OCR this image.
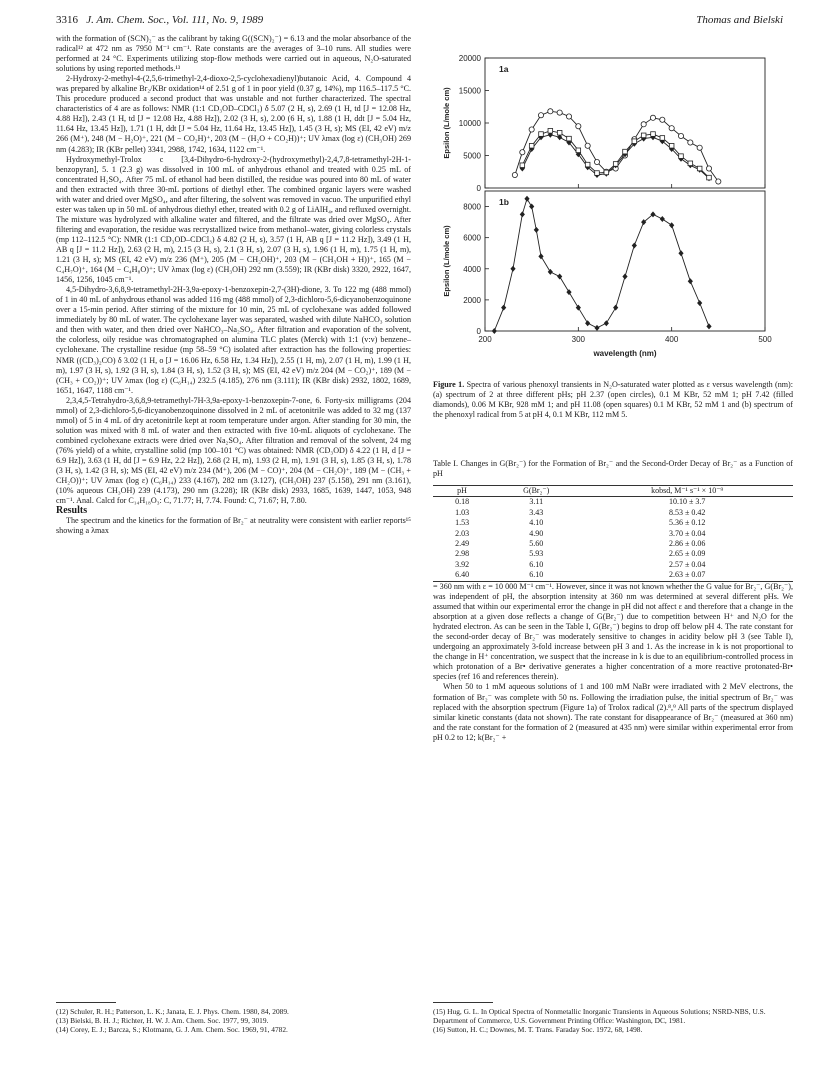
3316 J. Am. Chem. Soc., Vol. 111, No. 9, 1989	Thomas and Bielski

with the formation of (SCN)₂⁻ as the calibrant by taking G((SCN)₂⁻) = 6.13 and the molar absorbance of the radical¹² at 472 nm as 7950 M⁻¹ cm⁻¹. Rate constants are the averages of 3–10 runs. All studies were performed at 24 °C. Experiments utilizing stop-flow methods were carried out in aqueous, N₂O-saturated solutions by using reported methods.¹³

2-Hydroxy-2-methyl-4-(2,5,6-trimethyl-2,4-dioxo-2,5-cyclohexadienyl)butanoic Acid, 4. Compound 4 was prepared by alkaline Br₂/KBr oxidation¹⁴ of 2.51 g of 1 in poor yield (0.37 g, 14%), mp 116.5–117.5 °C. This procedure produced a second product that was unstable and not further characterized. The spectral characteristics of 4 are as follows: NMR (1:1 CD₃OD–CDCl₃) δ 5.07 (2 H, s), 2.69 (1 H, td [J = 12.08 Hz, 4.88 Hz]), 2.43 (1 H, td [J = 12.08 Hz, 4.88 Hz]), 2.02 (3 H, s), 2.00 (6 H, s), 1.88 (1 H, ddt [J = 5.04 Hz, 11.64 Hz, 13.45 Hz]), 1.71 (1 H, ddt [J = 5.04 Hz, 11.64 Hz, 13.45 Hz]), 1.45 (3 H, s); MS (EI, 42 eV) m/z 266 (M⁺), 248 (M − H₂O)⁺, 221 (M − CO₂H)⁺, 203 (M − (H₂O + CO₂H))⁺; UV λmax (log ε) (CH₃OH) 269 nm (4.283); IR (KBr pellet) 3341, 2988, 1742, 1634, 1122 cm⁻¹.

Hydroxymethyl-Trolox c [3,4-Dihydro-6-hydroxy-2-(hydroxymethyl)-2,4,7,8-tetramethyl-2H-1-benzopyran], 5. 1 (2.3 g) was dissolved in 100 mL of anhydrous ethanol and treated with 0.25 mL of concentrated H₂SO₄. After 75 mL of ethanol had been distilled, the residue was poured into 80 mL of water and then extracted with three 30-mL portions of diethyl ether. The combined organic layers were washed with water and dried over MgSO₄, and after filtering, the solvent was removed in vacuo. The unpurified ethyl ester was taken up in 50 mL of anhydrous diethyl ether, treated with 0.2 g of LiAlH₄, and refluxed overnight. The mixture was hydrolyzed with alkaline water and filtered, and the filtrate was dried over MgSO₄. After filtering and evaporation, the residue was recrystallized twice from methanol–water, giving colorless crystals (mp 112–112.5 °C): NMR (1:1 CD₃OD–CDCl₃) δ 4.82 (2 H, s), 3.57 (1 H, AB q [J = 11.2 Hz]), 3.49 (1 H, AB q [J = 11.2 Hz]), 2.63 (2 H, m), 2.15 (3 H, s), 2.1 (3 H, s), 2.07 (3 H, s), 1.96 (1 H, m), 1.75 (1 H, m), 1.21 (3 H, s); MS (EI, 42 eV) m/z 236 (M⁺), 205 (M − CH₂OH)⁺, 203 (M − (CH₃OH + H))⁺, 165 (M − C₄H₇O)⁺, 164 (M − C₄H₈O)⁺; UV λmax (log ε) (CH₃OH) 292 nm (3.559); IR (KBr disk) 3320, 2922, 1647, 1456, 1256, 1045 cm⁻¹.

4,5-Dihydro-3,6,8,9-tetramethyl-2H-3,9a-epoxy-1-benzoxepin-2,7-(3H)-dione, 3. To 122 mg (488 mmol) of 1 in 40 mL of anhydrous ethanol was added 116 mg (488 mmol) of 2,3-dichloro-5,6-dicyanobenzoquinone over a 15-min period. After stirring of the mixture for 10 min, 25 mL of cyclohexane was added followed immediately by 80 mL of water. The cyclohexane layer was separated, washed with dilute NaHCO₃ solution and then with water, and then dried over NaHCO₃–Na₂SO₄. After filtration and evaporation of the solvent, the colorless, oily residue was chromatographed on alumina TLC plates (Merck) with 1:1 (v:v) benzene–cyclohexane. The crystalline residue (mp 58–59 °C) isolated after extraction has the following properties: NMR ((CD₃)₂CO) δ 3.02 (1 H, o [J = 16.06 Hz, 6.58 Hz, 1.34 Hz]), 2.55 (1 H, m), 2.07 (1 H, m), 1.99 (1 H, m), 1.97 (3 H, s), 1.92 (3 H, s), 1.84 (3 H, s), 1.52 (3 H, s); MS (EI, 42 eV) m/z 204 (M − CO₂)⁺, 189 (M − (CH₃ + CO₂))⁺; UV λmax (log ε) (C₆H₁₄) 232.5 (4.185), 276 nm (3.111); IR (KBr disk) 2932, 1802, 1689, 1651, 1647, 1188 cm⁻¹.

2,3,4,5-Tetrahydro-3,6,8,9-tetramethyl-7H-3,9a-epoxy-1-benzoxepin-7-one, 6. Forty-six milligrams (204 mmol) of 2,3-dichloro-5,6-dicyanobenzoquinone dissolved in 2 mL of acetonitrile was added to 32 mg (137 mmol) of 5 in 4 mL of dry acetonitrile kept at room temperature under argon. After standing for 30 min, the solution was mixed with 8 mL of water and then extracted with five 10-mL aliquots of cyclohexane. The combined cyclohexane extracts were dried over Na₂SO₄. After filtration and removal of the solvent, 24 mg (76% yield) of a white, crystalline solid (mp 100–101 °C) was obtained: NMR (CD₃OD) δ 4.22 (1 H, d [J = 6.9 Hz]), 3.63 (1 H, dd [J = 6.9 Hz, 2.2 Hz]), 2.68 (2 H, m), 1.93 (2 H, m), 1.91 (3 H, s), 1.85 (3 H, s), 1.78 (3 H, s), 1.42 (3 H, s); MS (EI, 42 eV) m/z 234 (M⁺), 206 (M − CO)⁺, 204 (M − CH₂O)⁺, 189 (M − (CH₃ + CH₂O))⁺; UV λmax (log ε) (C₆H₁₄) 233 (4.167), 282 nm (3.127), (CH₃OH) 237 (5.158), 291 nm (3.161), (10% aqueous CH₃OH) 239 (4.173), 290 nm (3.228); IR (KBr disk) 2933, 1685, 1639, 1447, 1053, 948 cm⁻¹. Anal. Calcd for C₁₄H₁₈O₃: C, 71.77; H, 7.74. Found: C, 71.67; H, 7.80.

Results

The spectrum and the kinetics for the formation of Br₂⁻ at neutrality were consistent with earlier reports¹⁵ showing a λmax

(12) Schuler, R. H.; Patterson, L. K.; Janata, E. J. Phys. Chem. 1980, 84, 2089.
(13) Bielski, B. H. J.; Richter, H. W. J. Am. Chem. Soc. 1977, 99, 3019.
(14) Corey, E. J.; Barcza, S.; Klotmann, G. J. Am. Chem. Soc. 1969, 91, 4782.
0
5000
10000
15000
20000
1a
Epsilon (L/mole cm)
0
2000
4000
6000
8000
200	300	400	500
1b
Epsilon (L/mole cm)
wavelength (nm)
Figure 1. Spectra of various phenoxyl transients in N₂O-saturated water plotted as ε versus wavelength (nm): (a) spectrum of 2 at three different pHs; pH 2.37 (open circles), 0.1 M KBr, 52 mM 1; pH 7.42 (filled diamonds), 0.06 M KBr, 928 mM 1; and pH 11.08 (open squares) 0.1 M KBr, 52 mM 1 and (b) spectrum of the phenoxyl radical from 5 at pH 4, 0.1 M KBr, 112 mM 5.
Table I. Changes in G(Br₂⁻) for the Formation of Br₂⁻ and the Second-Order Decay of Br₂⁻ as a Function of pH
pH	G(Br₂⁻)	kobsd, M⁻¹ s⁻¹ × 10⁻⁹
0.18	3.11	10.10 ± 3.7
1.03	3.43	8.53 ± 0.42
1.53	4.10	5.36 ± 0.12
2.03	4.90	3.70 ± 0.04
2.49	5.60	2.86 ± 0.06
2.98	5.93	2.65 ± 0.09
3.92	6.10	2.57 ± 0.04
6.40	6.10	2.63 ± 0.07

= 360 nm with ε = 10 000 M⁻¹ cm⁻¹. However, since it was not known whether the G value for Br₂⁻, G(Br₂⁻), was independent of pH, the absorption intensity at 360 nm was determined at several different pHs. We assumed that within our experimental error the change in pH did not affect ε and therefore that a change in the absorption at a given dose reflects a change of G(Br₂⁻) due to competition between H⁺ and N₂O for the hydrated electron. As can be seen in the Table I, G(Br₂⁻) begins to drop off below pH 4. The rate constant for the second-order decay of Br₂⁻ was moderately sensitive to changes in acidity below pH 3 (see Table I), undergoing an approximately 3-fold increase between pH 3 and 1. As the increase in k is not proportional to the change in H⁺ concentration, we suspect that the increase in k is due to an equilibrium-controlled process in which protonation of a Br• derivative generates a higher concentration of a more reactive protonated-Br• species (ref 16 and references therein).

When 50 to 1 mM aqueous solutions of 1 and 100 mM NaBr were irradiated with 2 MeV electrons, the formation of Br₂⁻ was complete with 50 ns. Following the irradiation pulse, the initial spectrum of Br₂⁻ was replaced with the absorption spectrum (Figure 1a) of Trolox radical (2).⁸,⁹ All parts of the spectrum displayed similar kinetic constants (data not shown). The rate constant for disappearance of Br₂⁻ (measured at 360 nm) and the rate constant for the formation of 2 (measured at 435 nm) were similar within experimental error from pH 0.2 to 12; k(Br₂⁻ +

(15) Hug, G. L. In Optical Spectra of Nonmetallic Inorganic Transients in Aqueous Solutions; NSRD-NBS, U.S. Department of Commerce, U.S. Government Printing Office: Washington, DC, 1981.
(16) Sutton, H. C.; Downes, M. T. Trans. Faraday Soc. 1972, 68, 1498.
